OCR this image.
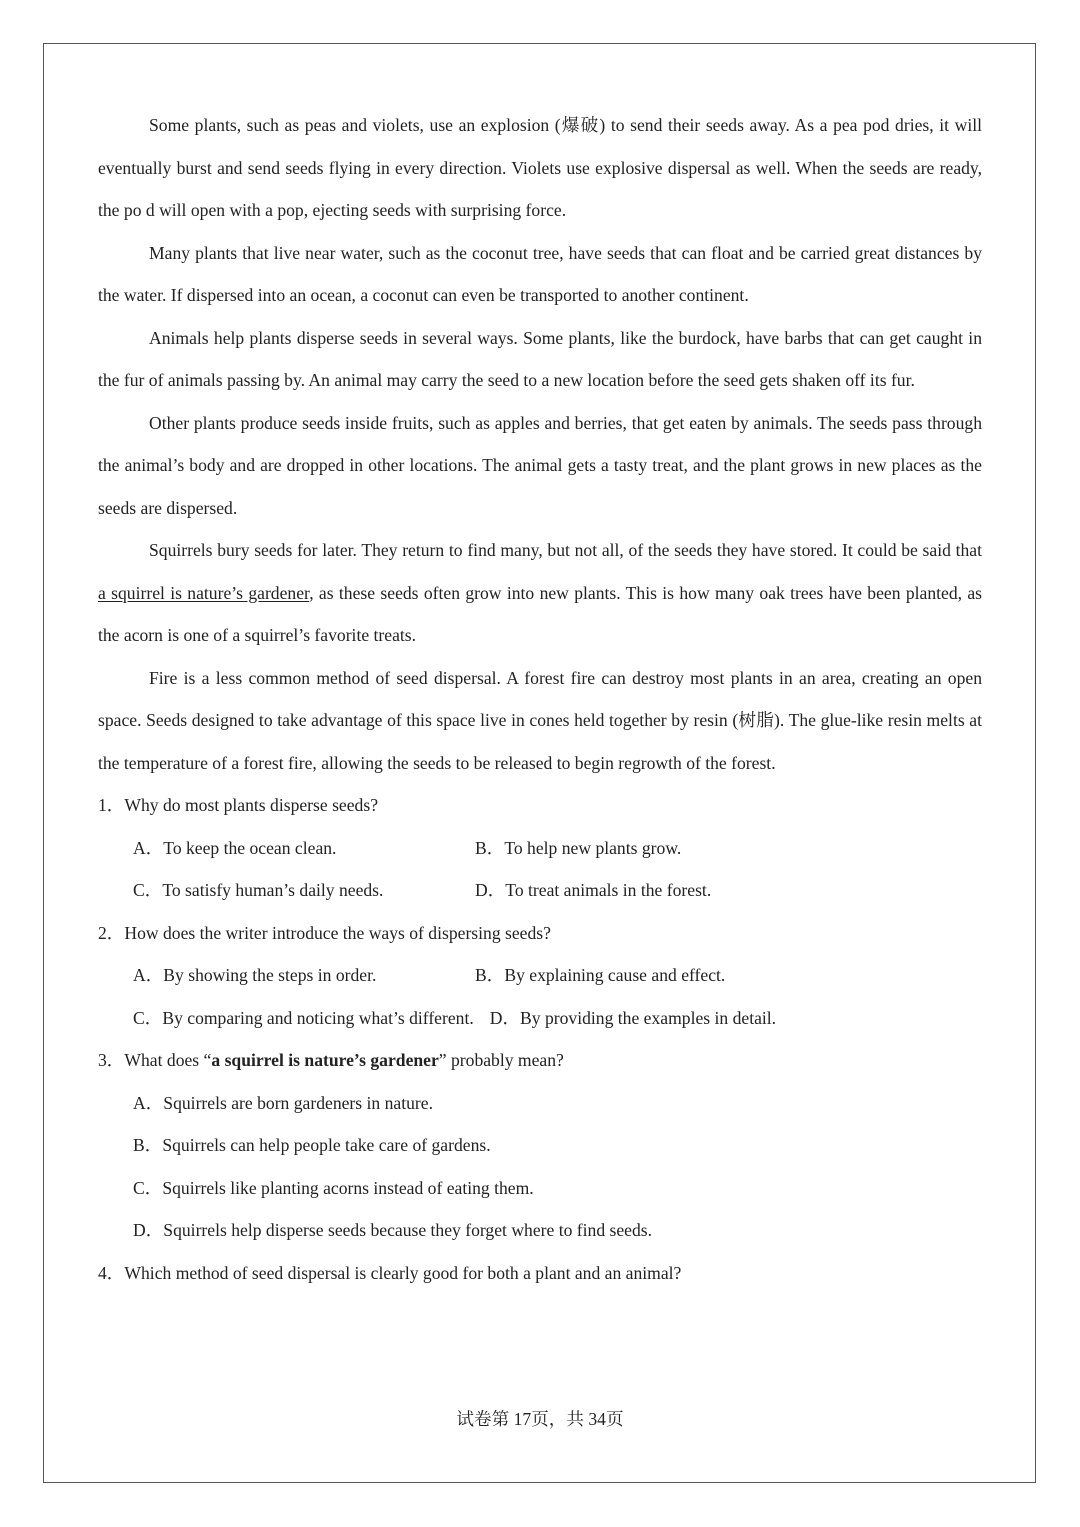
Some plants, such as peas and violets, use an explosion (爆破) to send their seeds away. As a pea pod dries, it will eventually burst and send seeds flying in every direction. Violets use explosive dispersal as well. When the seeds are ready, the po d will open with a pop, ejecting seeds with surprising force.

Many plants that live near water, such as the coconut tree, have seeds that can float and be carried great distances by the water. If dispersed into an ocean, a coconut can even be transported to another continent.

Animals help plants disperse seeds in several ways. Some plants, like the burdock, have barbs that can get caught in the fur of animals passing by. An animal may carry the seed to a new location before the seed gets shaken off its fur.

Other plants produce seeds inside fruits, such as apples and berries, that get eaten by animals. The seeds pass through the animal’s body and are dropped in other locations. The animal gets a tasty treat, and the plant grows in new places as the seeds are dispersed.

Squirrels bury seeds for later. They return to find many, but not all, of the seeds they have stored. It could be said that a squirrel is nature’s gardener, as these seeds often grow into new plants. This is how many oak trees have been planted, as the acorn is one of a squirrel’s favorite treats.

Fire is a less common method of seed dispersal. A forest fire can destroy most plants in an area, creating an open space. Seeds designed to take advantage of this space live in cones held together by resin (树脂). The glue-like resin melts at the temperature of a forest fire, allowing the seeds to be released to begin regrowth of the forest.

1．Why do most plants disperse seeds?
A．To keep the ocean clean.	B．To help new plants grow.
C．To satisfy human’s daily needs.	D．To treat animals in the forest.
2．How does the writer introduce the ways of dispersing seeds?
A．By showing the steps in order.	B．By explaining cause and effect.
C．By comparing and noticing what’s different. D．By providing the examples in detail.
3．What does “a squirrel is nature’s gardener” probably mean?
A．Squirrels are born gardeners in nature.
B．Squirrels can help people take care of gardens.
C．Squirrels like planting acorns instead of eating them.
D．Squirrels help disperse seeds because they forget where to find seeds.
4．Which method of seed dispersal is clearly good for both a plant and an animal?
试卷第 17页，共 34页
